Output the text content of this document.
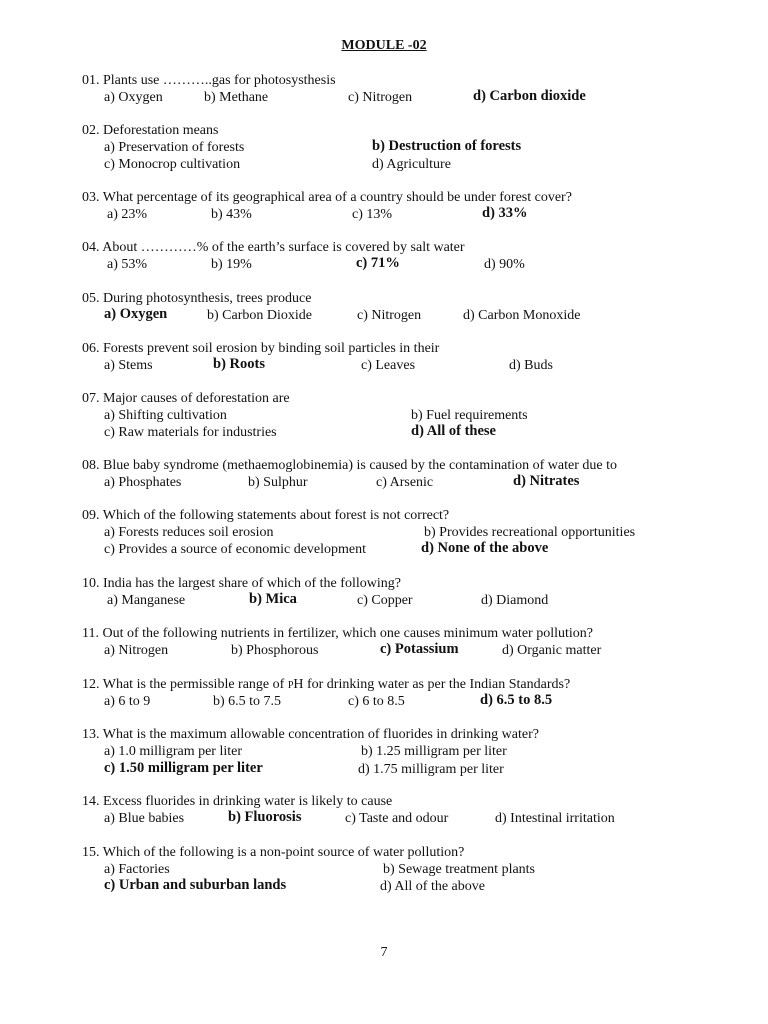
MODULE -02
01. Plants use ………..gas for photosysthesis
a) Oxygen	b) Methane	c) Nitrogen	d) Carbon dioxide
02. Deforestation means
a) Preservation of forests	b) Destruction of forests
c) Monocrop cultivation	d) Agriculture
03. What percentage of its geographical area of a country should be under forest cover?
a) 23%	b) 43%	c) 13%	d) 33%
04. About …………% of the earth’s surface is covered by salt water
a) 53%	b) 19%	c) 71%	d) 90%
05. During photosynthesis, trees produce
a) Oxygen	b) Carbon Dioxide	c) Nitrogen	d) Carbon Monoxide
06. Forests prevent soil erosion by binding soil particles in their
a) Stems	b) Roots	c) Leaves	d) Buds
07. Major causes of deforestation are
a) Shifting cultivation	b) Fuel requirements
c) Raw materials for industries	d) All of these
08. Blue baby syndrome (methaemoglobinemia) is caused by the contamination of water due to
a) Phosphates	b) Sulphur	c) Arsenic	d) Nitrates
09. Which of the following statements about forest is not correct?
a) Forests reduces soil erosion	b) Provides recreational opportunities
c) Provides a source of economic development	d) None of the above
10. India has the largest share of which of the following?
a) Manganese	b) Mica	c) Copper	d) Diamond
11. Out of the following nutrients in fertilizer, which one causes minimum water pollution?
a) Nitrogen	b) Phosphorous	c) Potassium	d) Organic matter
12. What is the permissible range of PH for drinking water as per the Indian Standards?
a) 6 to 9	b) 6.5 to 7.5	c) 6 to 8.5	d) 6.5 to 8.5
13. What is the maximum allowable concentration of fluorides in drinking water?
a) 1.0 milligram per liter	b) 1.25 milligram per liter
c) 1.50 milligram per liter	d) 1.75 milligram per liter
14. Excess fluorides in drinking water is likely to cause
a) Blue babies	b) Fluorosis	c) Taste and odour	d) Intestinal irritation
15. Which of the following is a non-point source of water pollution?
a) Factories	b) Sewage treatment plants
c) Urban and suburban lands	d) All of the above
7
